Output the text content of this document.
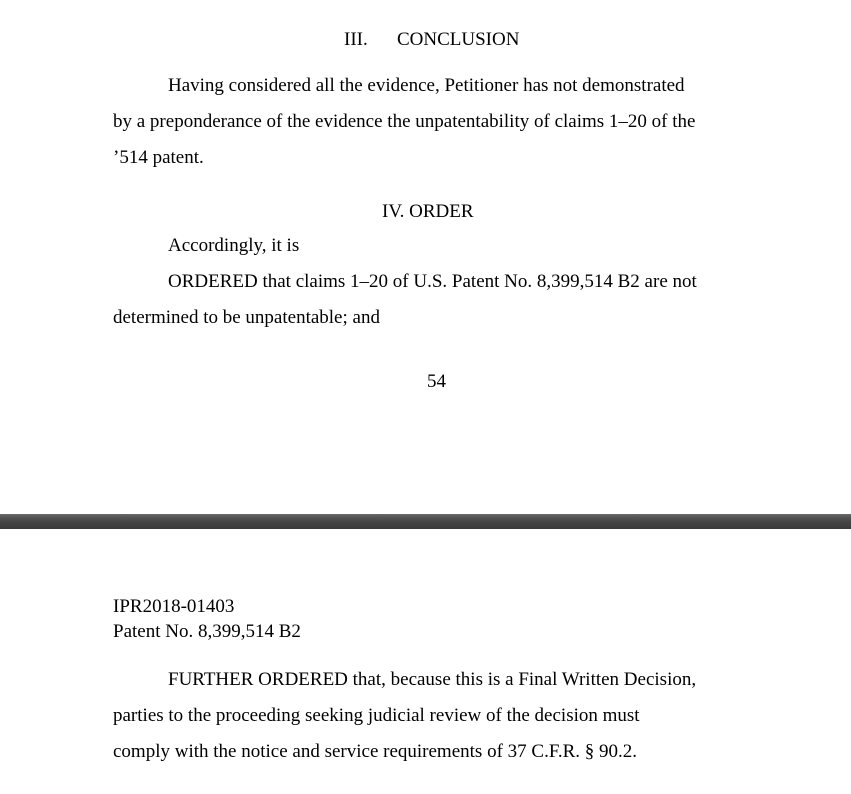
III. CONCLUSION
Having considered all the evidence, Petitioner has not demonstrated
by a preponderance of the evidence the unpatentability of claims 1–20 of the
’514 patent.
IV. ORDER
Accordingly, it is
ORDERED that claims 1–20 of U.S. Patent No. 8,399,514 B2 are not
determined to be unpatentable; and
54
IPR2018-01403
Patent No. 8,399,514 B2
FURTHER ORDERED that, because this is a Final Written Decision,
parties to the proceeding seeking judicial review of the decision must
comply with the notice and service requirements of 37 C.F.R. § 90.2.
